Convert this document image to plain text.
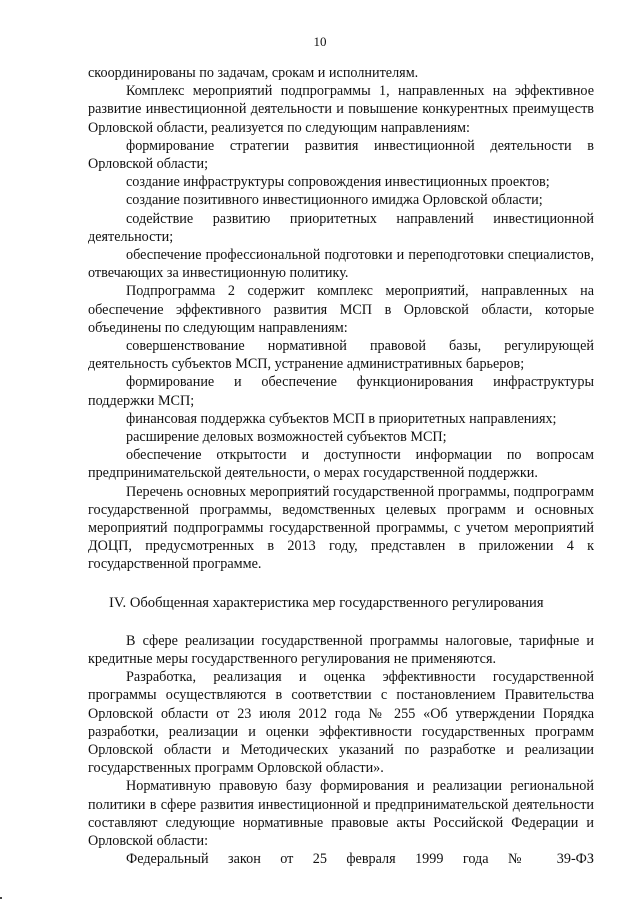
10

скоординированы по задачам, срокам и исполнителям.

Комплекс мероприятий подпрограммы 1, направленных на эффективное развитие инвестиционной деятельности и повышение конкурентных преимуществ Орловской области, реализуется по следующим направлениям:

формирование стратегии развития инвестиционной деятельности в Орловской области;

создание инфраструктуры сопровождения инвестиционных проектов;

создание позитивного инвестиционного имиджа Орловской области;

содействие развитию приоритетных направлений инвестиционной деятельности;

обеспечение профессиональной подготовки и переподготовки специалистов, отвечающих за инвестиционную политику.

Подпрограмма 2 содержит комплекс мероприятий, направленных на обеспечение эффективного развития МСП в Орловской области, которые объединены по следующим направлениям:

совершенствование нормативной правовой базы, регулирующей деятельность субъектов МСП, устранение административных барьеров;

формирование и обеспечение функционирования инфраструктуры поддержки МСП;

финансовая поддержка субъектов МСП в приоритетных направлениях;

расширение деловых возможностей субъектов МСП;

обеспечение открытости и доступности информации по вопросам предпринимательской деятельности, о мерах государственной поддержки.

Перечень основных мероприятий государственной программы, подпрограмм государственной программы, ведомственных целевых программ и основных мероприятий подпрограммы государственной программы, с учетом мероприятий ДОЦП, предусмотренных в 2013 году, представлен в приложении 4 к государственной программе.

IV. Обобщенная характеристика мер государственного регулирования

В сфере реализации государственной программы налоговые, тарифные и кредитные меры государственного регулирования не применяются.

Разработка, реализация и оценка эффективности государственной программы осуществляются в соответствии с постановлением Правительства Орловской области от 23 июля 2012 года № 255 «Об утверждении Порядка разработки, реализации и оценки эффективности государственных программ Орловской области и Методических указаний по разработке и реализации государственных программ Орловской области».

Нормативную правовую базу формирования и реализации региональной политики в сфере развития инвестиционной и предпринимательской деятельности составляют следующие нормативные правовые акты Российской Федерации и Орловской области:

Федеральный закон от 25 февраля 1999 года № 39-ФЗ
